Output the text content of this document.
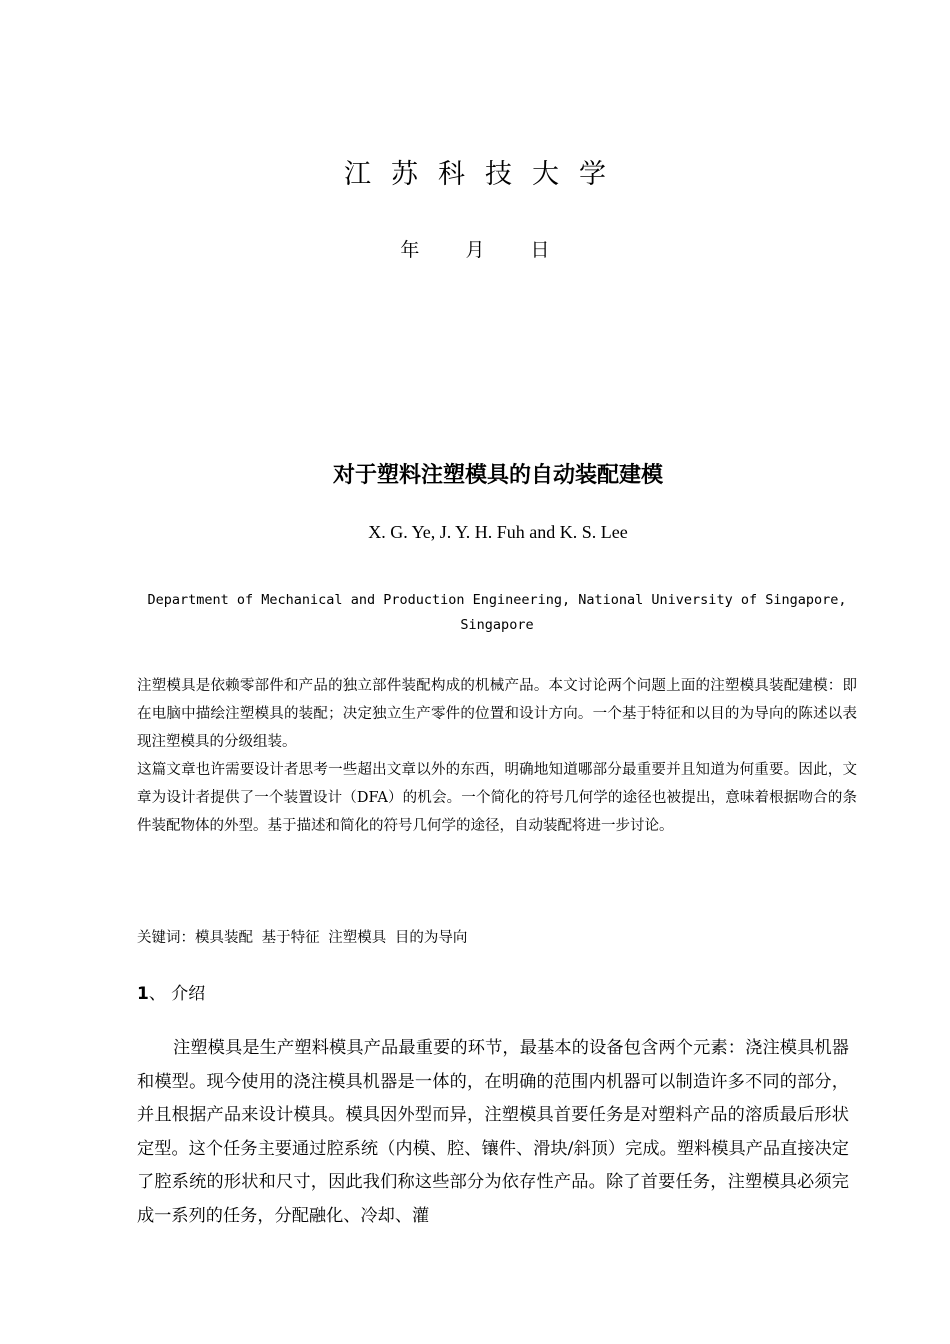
江苏科技大学
年 月 日
对于塑料注塑模具的自动装配建模
X. G. Ye, J. Y. H. Fuh and K. S. Lee
Department of Mechanical and Production Engineering, National University of Singapore, Singapore

注塑模具是依赖零部件和产品的独立部件装配构成的机械产品。本文讨论两个问题上面的注塑模具装配建模：即在电脑中描绘注塑模具的装配；决定独立生产零件的位置和设计方向。一个基于特征和以目的为导向的陈述以表现注塑模具的分级组装。

这篇文章也许需要设计者思考一些超出文章以外的东西，明确地知道哪部分最重要并且知道为何重要。因此，文章为设计者提供了一个装置设计（DFA）的机会。一个简化的符号几何学的途径也被提出，意味着根据吻合的条件装配物体的外型。基于描述和简化的符号几何学的途径，自动装配将进一步讨论。

关键词：模具装配 基于特征 注塑模具 目的为导向
1、 介绍
注塑模具是生产塑料模具产品最重要的环节，最基本的设备包含两个元素：浇注模具机器和模型。现今使用的浇注模具机器是一体的，在明确的范围内机器可以制造许多不同的部分，并且根据产品来设计模具。模具因外型而异，注塑模具首要任务是对塑料产品的溶质最后形状定型。这个任务主要通过腔系统（内模、腔、镶件、滑块/斜顶）完成。塑料模具产品直接决定了腔系统的形状和尺寸，因此我们称这些部分为依存性产品。除了首要任务，注塑模具必须完成一系列的任务，分配融化、冷却、灌
